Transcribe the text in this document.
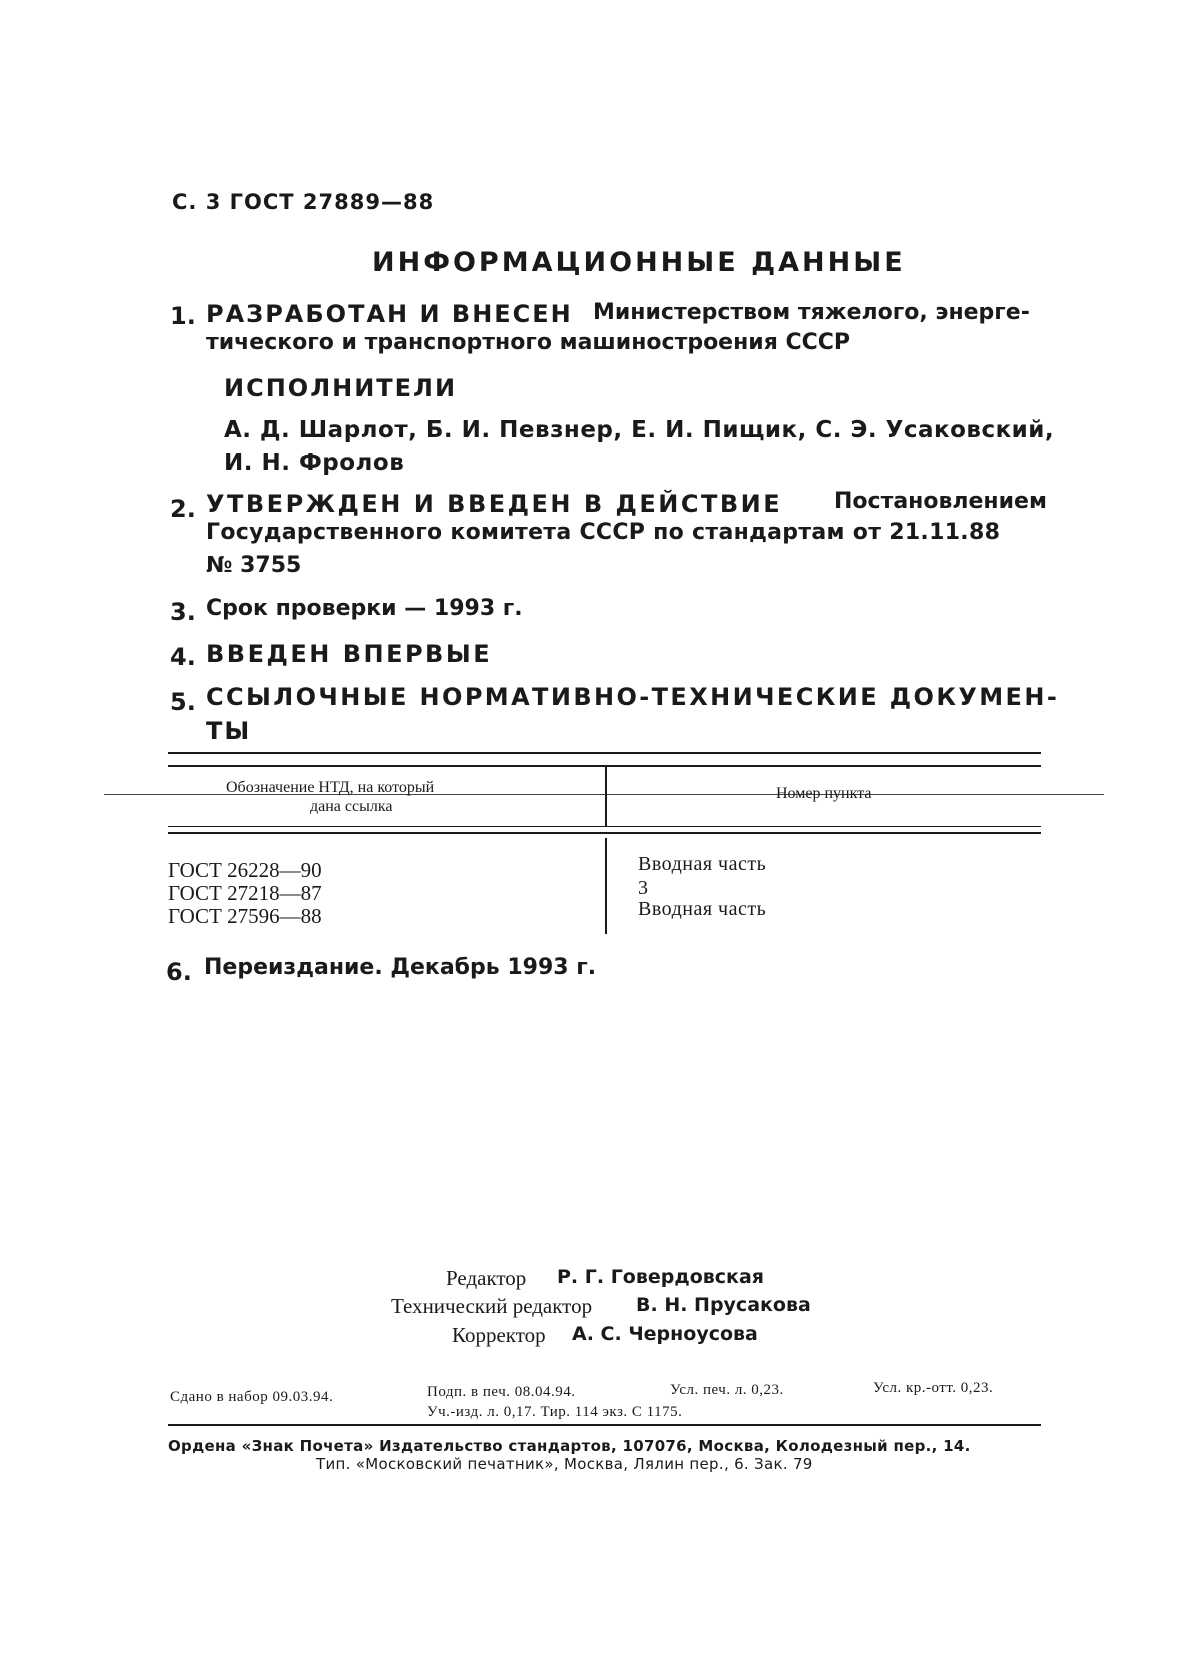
С. 3 ГОСТ 27889—88
ИНФОРМАЦИОННЫЕ ДАННЫЕ
1. РАЗРАБОТАН И ВНЕСЕН Министерством тяжелого, энерге-
тического и транспортного машиностроения СССР
ИСПОЛНИТЕЛИ
А. Д. Шарлот, Б. И. Певзнер, Е. И. Пищик, С. Э. Усаковский,
И. Н. Фролов
2. УТВЕРЖДЕН И ВВЕДЕН В ДЕЙСТВИЕ Постановлением
Государственного комитета СССР по стандартам от 21.11.88
№ 3755
3. Срок проверки — 1993 г.
4. ВВЕДЕН ВПЕРВЫЕ
5. ССЫЛОЧНЫЕ НОРМАТИВНО-ТЕХНИЧЕСКИЕ ДОКУМЕН-
ТЫ
Обозначение НТД, на который
дана ссылка
Номер пункта
ГОСТ 26228—90	Вводная часть
ГОСТ 27218—87	3
ГОСТ 27596—88	Вводная часть
6. Переиздание. Декабрь 1993 г.
Редактор Р. Г. Говердовская
Технический редактор В. Н. Прусакова
Корректор А. С. Черноусова
Сдано в набор 09.03.94.	Подп. в печ. 08.04.94.	Усл. печ. л. 0,23.	Усл. кр.-отт. 0,23.
Уч.-изд. л. 0,17. Тир. 114 экз. С 1175.
Ордена «Знак Почета» Издательство стандартов, 107076, Москва, Колодезный пер., 14.
Тип. «Московский печатник», Москва, Лялин пер., 6. Зак. 79
